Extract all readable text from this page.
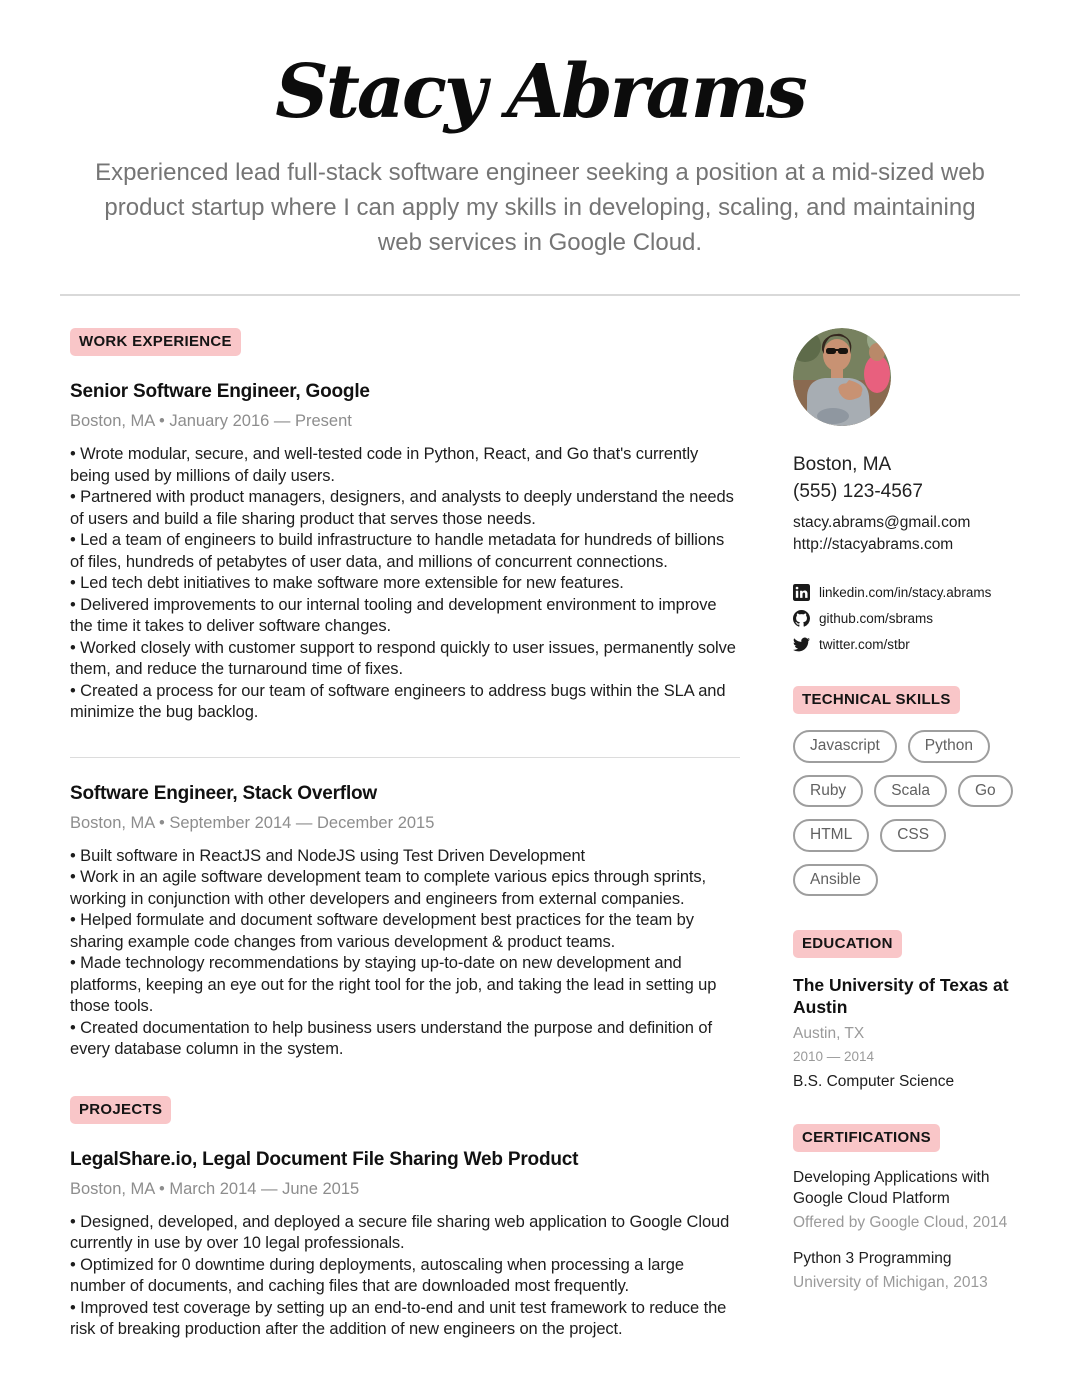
Stacy Abrams
Experienced lead full-stack software engineer seeking a position at a mid-sized web product startup where I can apply my skills in developing, scaling, and maintaining web services in Google Cloud.
WORK EXPERIENCE
Senior Software Engineer, Google
Boston, MA • January 2016 — Present

• Wrote modular, secure, and well-tested code in Python, React, and Go that's currently being used by millions of daily users.

• Partnered with product managers, designers, and analysts to deeply understand the needs of users and build a file sharing product that serves those needs.

• Led a team of engineers to build infrastructure to handle metadata for hundreds of billions of files, hundreds of petabytes of user data, and millions of concurrent connections.

• Led tech debt initiatives to make software more extensible for new features.

• Delivered improvements to our internal tooling and development environment to improve the time it takes to deliver software changes.

• Worked closely with customer support to respond quickly to user issues, permanently solve them, and reduce the turnaround time of fixes.

• Created a process for our team of software engineers to address bugs within the SLA and minimize the bug backlog.

Software Engineer, Stack Overflow
Boston, MA • September 2014 — December 2015

• Built software in ReactJS and NodeJS using Test Driven Development

• Work in an agile software development team to complete various epics through sprints, working in conjunction with other developers and engineers from external companies.

• Helped formulate and document software development best practices for the team by sharing example code changes from various development & product teams.

• Made technology recommendations by staying up-to-date on new development and platforms, keeping an eye out for the right tool for the job, and taking the lead in setting up those tools.

• Created documentation to help business users understand the purpose and definition of every database column in the system.

PROJECTS
LegalShare.io, Legal Document File Sharing Web Product
Boston, MA • March 2014 — June 2015

• Designed, developed, and deployed a secure file sharing web application to Google Cloud currently in use by over 10 legal professionals.

• Optimized for 0 downtime during deployments, autoscaling when processing a large number of documents, and caching files that are downloaded most frequently.

• Improved test coverage by setting up an end-to-end and unit test framework to reduce the risk of breaking production after the addition of new engineers on the project.

Boston, MA
(555) 123-4567
stacy.abrams@gmail.com
http://stacyabrams.com
linkedin.com/in/stacy.abrams
github.com/sbrams
twitter.com/stbr
TECHNICAL SKILLS
Javascript	Python
Ruby	Scala	Go
HTML	CSS
Ansible
EDUCATION
The University of Texas at Austin
Austin, TX
2010 — 2014
B.S. Computer Science
CERTIFICATIONS
Developing Applications with Google Cloud Platform
Offered by Google Cloud, 2014
Python 3 Programming
University of Michigan, 2013
